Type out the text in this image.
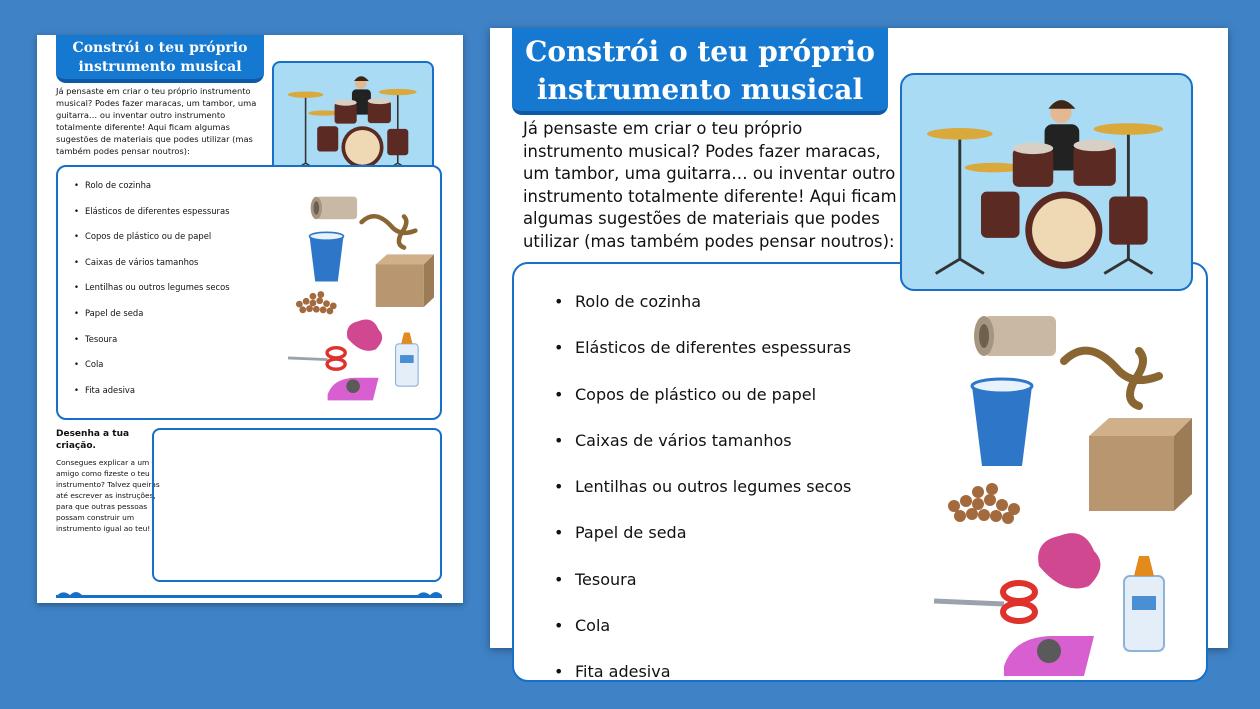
Constrói o teu próprio
instrumento musical
Já pensaste em criar o teu próprio instrumento musical? Podes fazer maracas, um tambor, uma guitarra… ou inventar outro instrumento totalmente diferente! Aqui ficam algumas sugestões de materiais que podes utilizar (mas também podes pensar noutros):
• Rolo de cozinha
• Elásticos de diferentes espessuras
• Copos de plástico ou de papel
• Caixas de vários tamanhos
• Lentilhas ou outros legumes secos
• Papel de seda
• Tesoura
• Cola
• Fita adesiva
Desenha a tua criação.
Consegues explicar a um amigo como fizeste o teu instrumento? Talvez queiras até escrever as instruções, para que outras pessoas possam construir um instrumento igual ao teu!
Constrói o teu próprio
instrumento musical
Já pensaste em criar o teu próprio instrumento musical? Podes fazer maracas, um tambor, uma guitarra… ou inventar outro instrumento totalmente diferente! Aqui ficam algumas sugestões de materiais que podes utilizar (mas também podes pensar noutros):
• Rolo de cozinha
• Elásticos de diferentes espessuras
• Copos de plástico ou de papel
• Caixas de vários tamanhos
• Lentilhas ou outros legumes secos
• Papel de seda
• Tesoura
• Cola
• Fita adesiva
